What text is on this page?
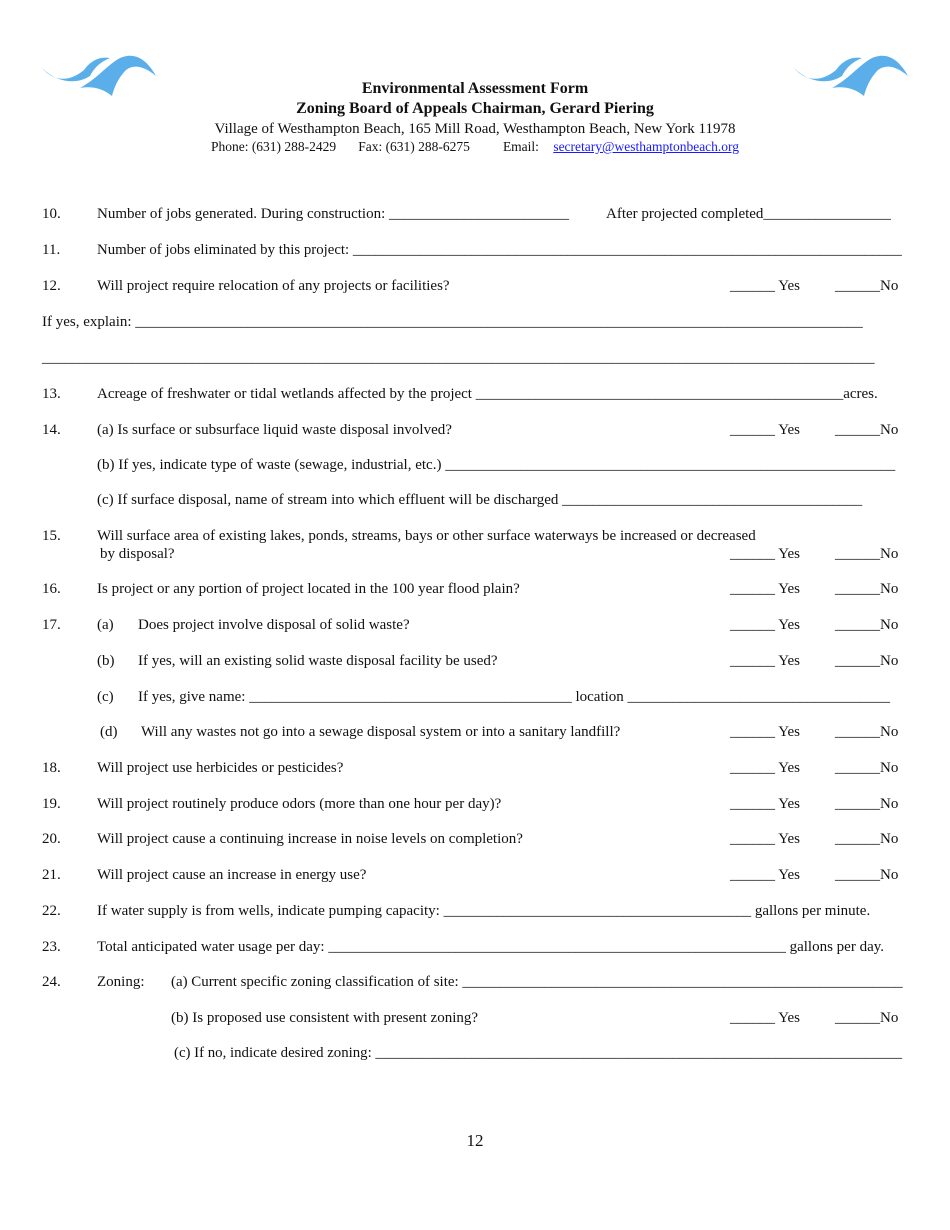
Environmental Assessment Form
Zoning Board of Appeals Chairman, Gerard Piering
Village of Westhampton Beach, 165 Mill Road, Westhampton Beach, New York 11978
Phone: (631) 288-2429 Fax: (631) 288-6275 Email: secretary@westhamptonbeach.org
10. Number of jobs generated. During construction: ________________________ After projected completed_________________
11. Number of jobs eliminated by this project: __________________________________________________________________________
12. Will project require relocation of any projects or facilities?	______ Yes ______No
If yes, explain: _________________________________________________________________________________________________
_______________________________________________________________________________________________________________
13. Acreage of freshwater or tidal wetlands affected by the project _________________________________________________acres.
14. (a) Is surface or subsurface liquid waste disposal involved?	______ Yes ______No
(b) If yes, indicate type of waste (sewage, industrial, etc.) ____________________________________________________________
(c) If surface disposal, name of stream into which effluent will be discharged ________________________________________
15. Will surface area of existing lakes, ponds, streams, bays or other surface waterways be increased or decreased
by disposal?	______ Yes ______No
16. Is project or any portion of project located in the 100 year flood plain?	______ Yes ______No
17. (a) Does project involve disposal of solid waste?	______ Yes ______No
(b) If yes, will an existing solid waste disposal facility be used?	______ Yes ______No
(c) If yes, give name: ___________________________________________ location ___________________________________
(d) Will any wastes not go into a sewage disposal system or into a sanitary landfill?	______ Yes ______No
18. Will project use herbicides or pesticides?	______ Yes ______No
19. Will project routinely produce odors (more than one hour per day)?	______ Yes ______No
20. Will project cause a continuing increase in noise levels on completion?	______ Yes ______No
21. Will project cause an increase in energy use?	______ Yes ______No
22. If water supply is from wells, indicate pumping capacity: _________________________________________ gallons per minute.
23. Total anticipated water usage per day: _____________________________________________________________ gallons per day.
24. Zoning: (a) Current specific zoning classification of site: ___________________________________________________________
(b) Is proposed use consistent with present zoning?	______ Yes ______No
(c) If no, indicate desired zoning: _______________________________________________________________________
12
